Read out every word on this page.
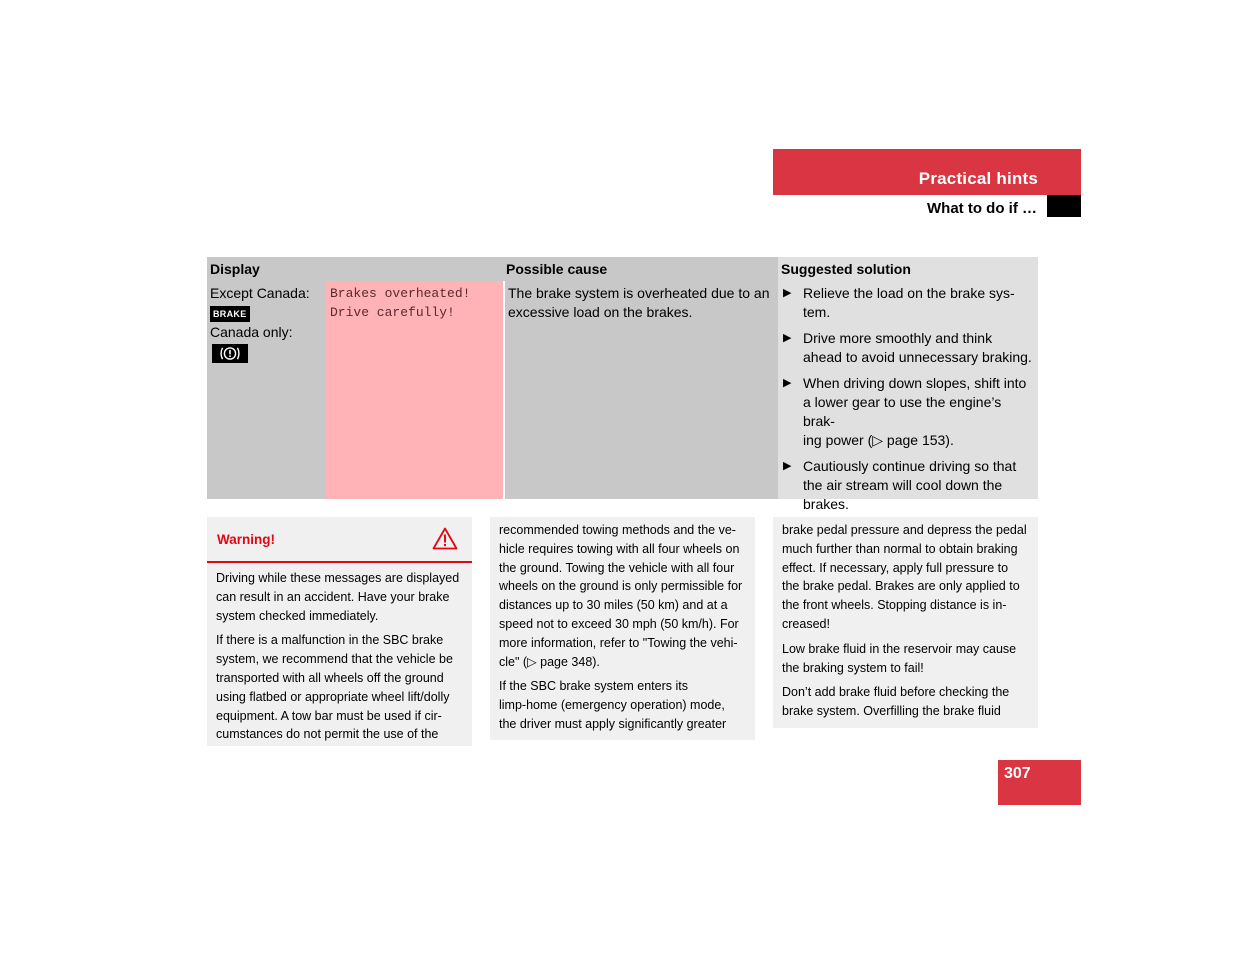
Practical hints
What to do if …
Display	Possible cause	Suggested solution
Except Canada:
BRAKE
Canada only:
Brakes overheated!
Drive carefully!
The brake system is overheated due to an
excessive load on the brakes.
▶ Relieve the load on the brake sys-
tem.
▶ Drive more smoothly and think
ahead to avoid unnecessary braking.
▶ When driving down slopes, shift into
a lower gear to use the engine’s brak-
ing power (▷ page 153).
▶ Cautiously continue driving so that
the air stream will cool down the
brakes.
Warning!
Driving while these messages are displayed
can result in an accident. Have your brake
system checked immediately.
If there is a malfunction in the SBC brake
system, we recommend that the vehicle be
transported with all wheels off the ground
using flatbed or appropriate wheel lift/dolly
equipment. A tow bar must be used if cir-
cumstances do not permit the use of the
recommended towing methods and the ve-
hicle requires towing with all four wheels on
the ground. Towing the vehicle with all four
wheels on the ground is only permissible for
distances up to 30 miles (50 km) and at a
speed not to exceed 30 mph (50 km/h). For
more information, refer to "Towing the vehi-
cle" (▷ page 348).
If the SBC brake system enters its
limp-home (emergency operation) mode,
the driver must apply significantly greater
brake pedal pressure and depress the pedal
much further than normal to obtain braking
effect. If necessary, apply full pressure to
the brake pedal. Brakes are only applied to
the front wheels. Stopping distance is in-
creased!
Low brake fluid in the reservoir may cause
the braking system to fail!
Don’t add brake fluid before checking the
brake system. Overfilling the brake fluid
307
